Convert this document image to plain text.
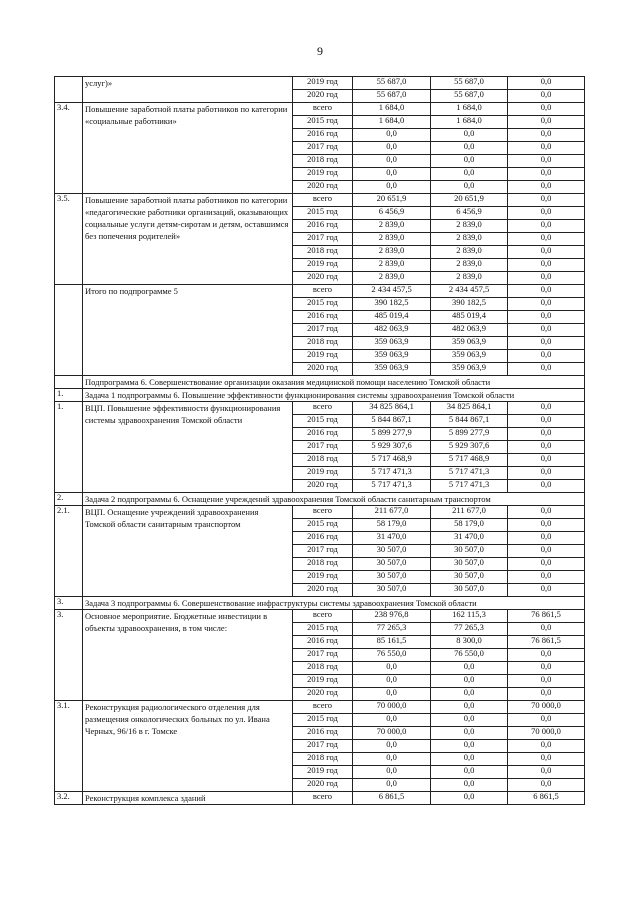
9
	услуг)»	2019 год	55 687,0	55 687,0	0,0
		2020 год	55 687,0	55 687,0	0,0
3.4.	Повышение заработной платы работников по категории «социальные работники»	всего	1 684,0	1 684,0	0,0
		2015 год	1 684,0	1 684,0	0,0
		2016 год	0,0	0,0	0,0
		2017 год	0,0	0,0	0,0
		2018 год	0,0	0,0	0,0
		2019 год	0,0	0,0	0,0
		2020 год	0,0	0,0	0,0
3.5.	Повышение заработной платы работников по категории «педагогические работники организаций, оказывающих социальные услуги детям-сиротам и детям, оставшимся без попечения родителей»	всего	20 651,9	20 651,9	0,0
		2015 год	6 456,9	6 456,9	0,0
		2016 год	2 839,0	2 839,0	0,0
		2017 год	2 839,0	2 839,0	0,0
		2018 год	2 839,0	2 839,0	0,0
		2019 год	2 839,0	2 839,0	0,0
		2020 год	2 839,0	2 839,0	0,0
	Итого по подпрограмме 5	всего	2 434 457,5	2 434 457,5	0,0
		2015 год	390 182,5	390 182,5	0,0
		2016 год	485 019,4	485 019,4	0,0
		2017 год	482 063,9	482 063,9	0,0
		2018 год	359 063,9	359 063,9	0,0
		2019 год	359 063,9	359 063,9	0,0
		2020 год	359 063,9	359 063,9	0,0
	Подпрограмма 6. Совершенствование организации оказания медицинской помощи населению Томской области				
1.	Задача 1 подпрограммы 6. Повышение эффективности функционирования системы здравоохранения Томской области				
1.	ВЦП. Повышение эффективности функционирования системы здравоохранения Томской области	всего	34 825 864,1	34 825 864,1	0,0
		2015 год	5 844 867,1	5 844 867,1	0,0
		2016 год	5 899 277,9	5 899 277,9	0,0
		2017 год	5 929 307,6	5 929 307,6	0,0
		2018 год	5 717 468,9	5 717 468,9	0,0
		2019 год	5 717 471,3	5 717 471,3	0,0
		2020 год	5 717 471,3	5 717 471,3	0,0
2.	Задача 2 подпрограммы 6. Оснащение учреждений здравоохранения Томской области санитарным транспортом				
2.1.	ВЦП. Оснащение учреждений здравоохранения Томской области санитарным транспортом	всего	211 677,0	211 677,0	0,0
		2015 год	58 179,0	58 179,0	0,0
		2016 год	31 470,0	31 470,0	0,0
		2017 год	30 507,0	30 507,0	0,0
		2018 год	30 507,0	30 507,0	0,0
		2019 год	30 507,0	30 507,0	0,0
		2020 год	30 507,0	30 507,0	0,0
3.	Задача 3 подпрограммы 6. Совершенствование инфраструктуры системы здравоохранения Томской области				
3.	Основное мероприятие. Бюджетные инвестиции в объекты здравоохранения, в том числе:	всего	238 976,8	162 115,3	76 861,5
		2015 год	77 265,3	77 265,3	0,0
		2016 год	85 161,5	8 300,0	76 861,5
		2017 год	76 550,0	76 550,0	0,0
		2018 год	0,0	0,0	0,0
		2019 год	0,0	0,0	0,0
		2020 год	0,0	0,0	0,0
3.1.	Реконструкция радиологического отделения для размещения онкологических больных по ул. Ивана Черных, 96/16 в г. Томске	всего	70 000,0	0,0	70 000,0
		2015 год	0,0	0,0	0,0
		2016 год	70 000,0	0,0	70 000,0
		2017 год	0,0	0,0	0,0
		2018 год	0,0	0,0	0,0
		2019 год	0,0	0,0	0,0
		2020 год	0,0	0,0	0,0
3.2.	Реконструкция комплекса зданий	всего	6 861,5	0,0	6 861,5
